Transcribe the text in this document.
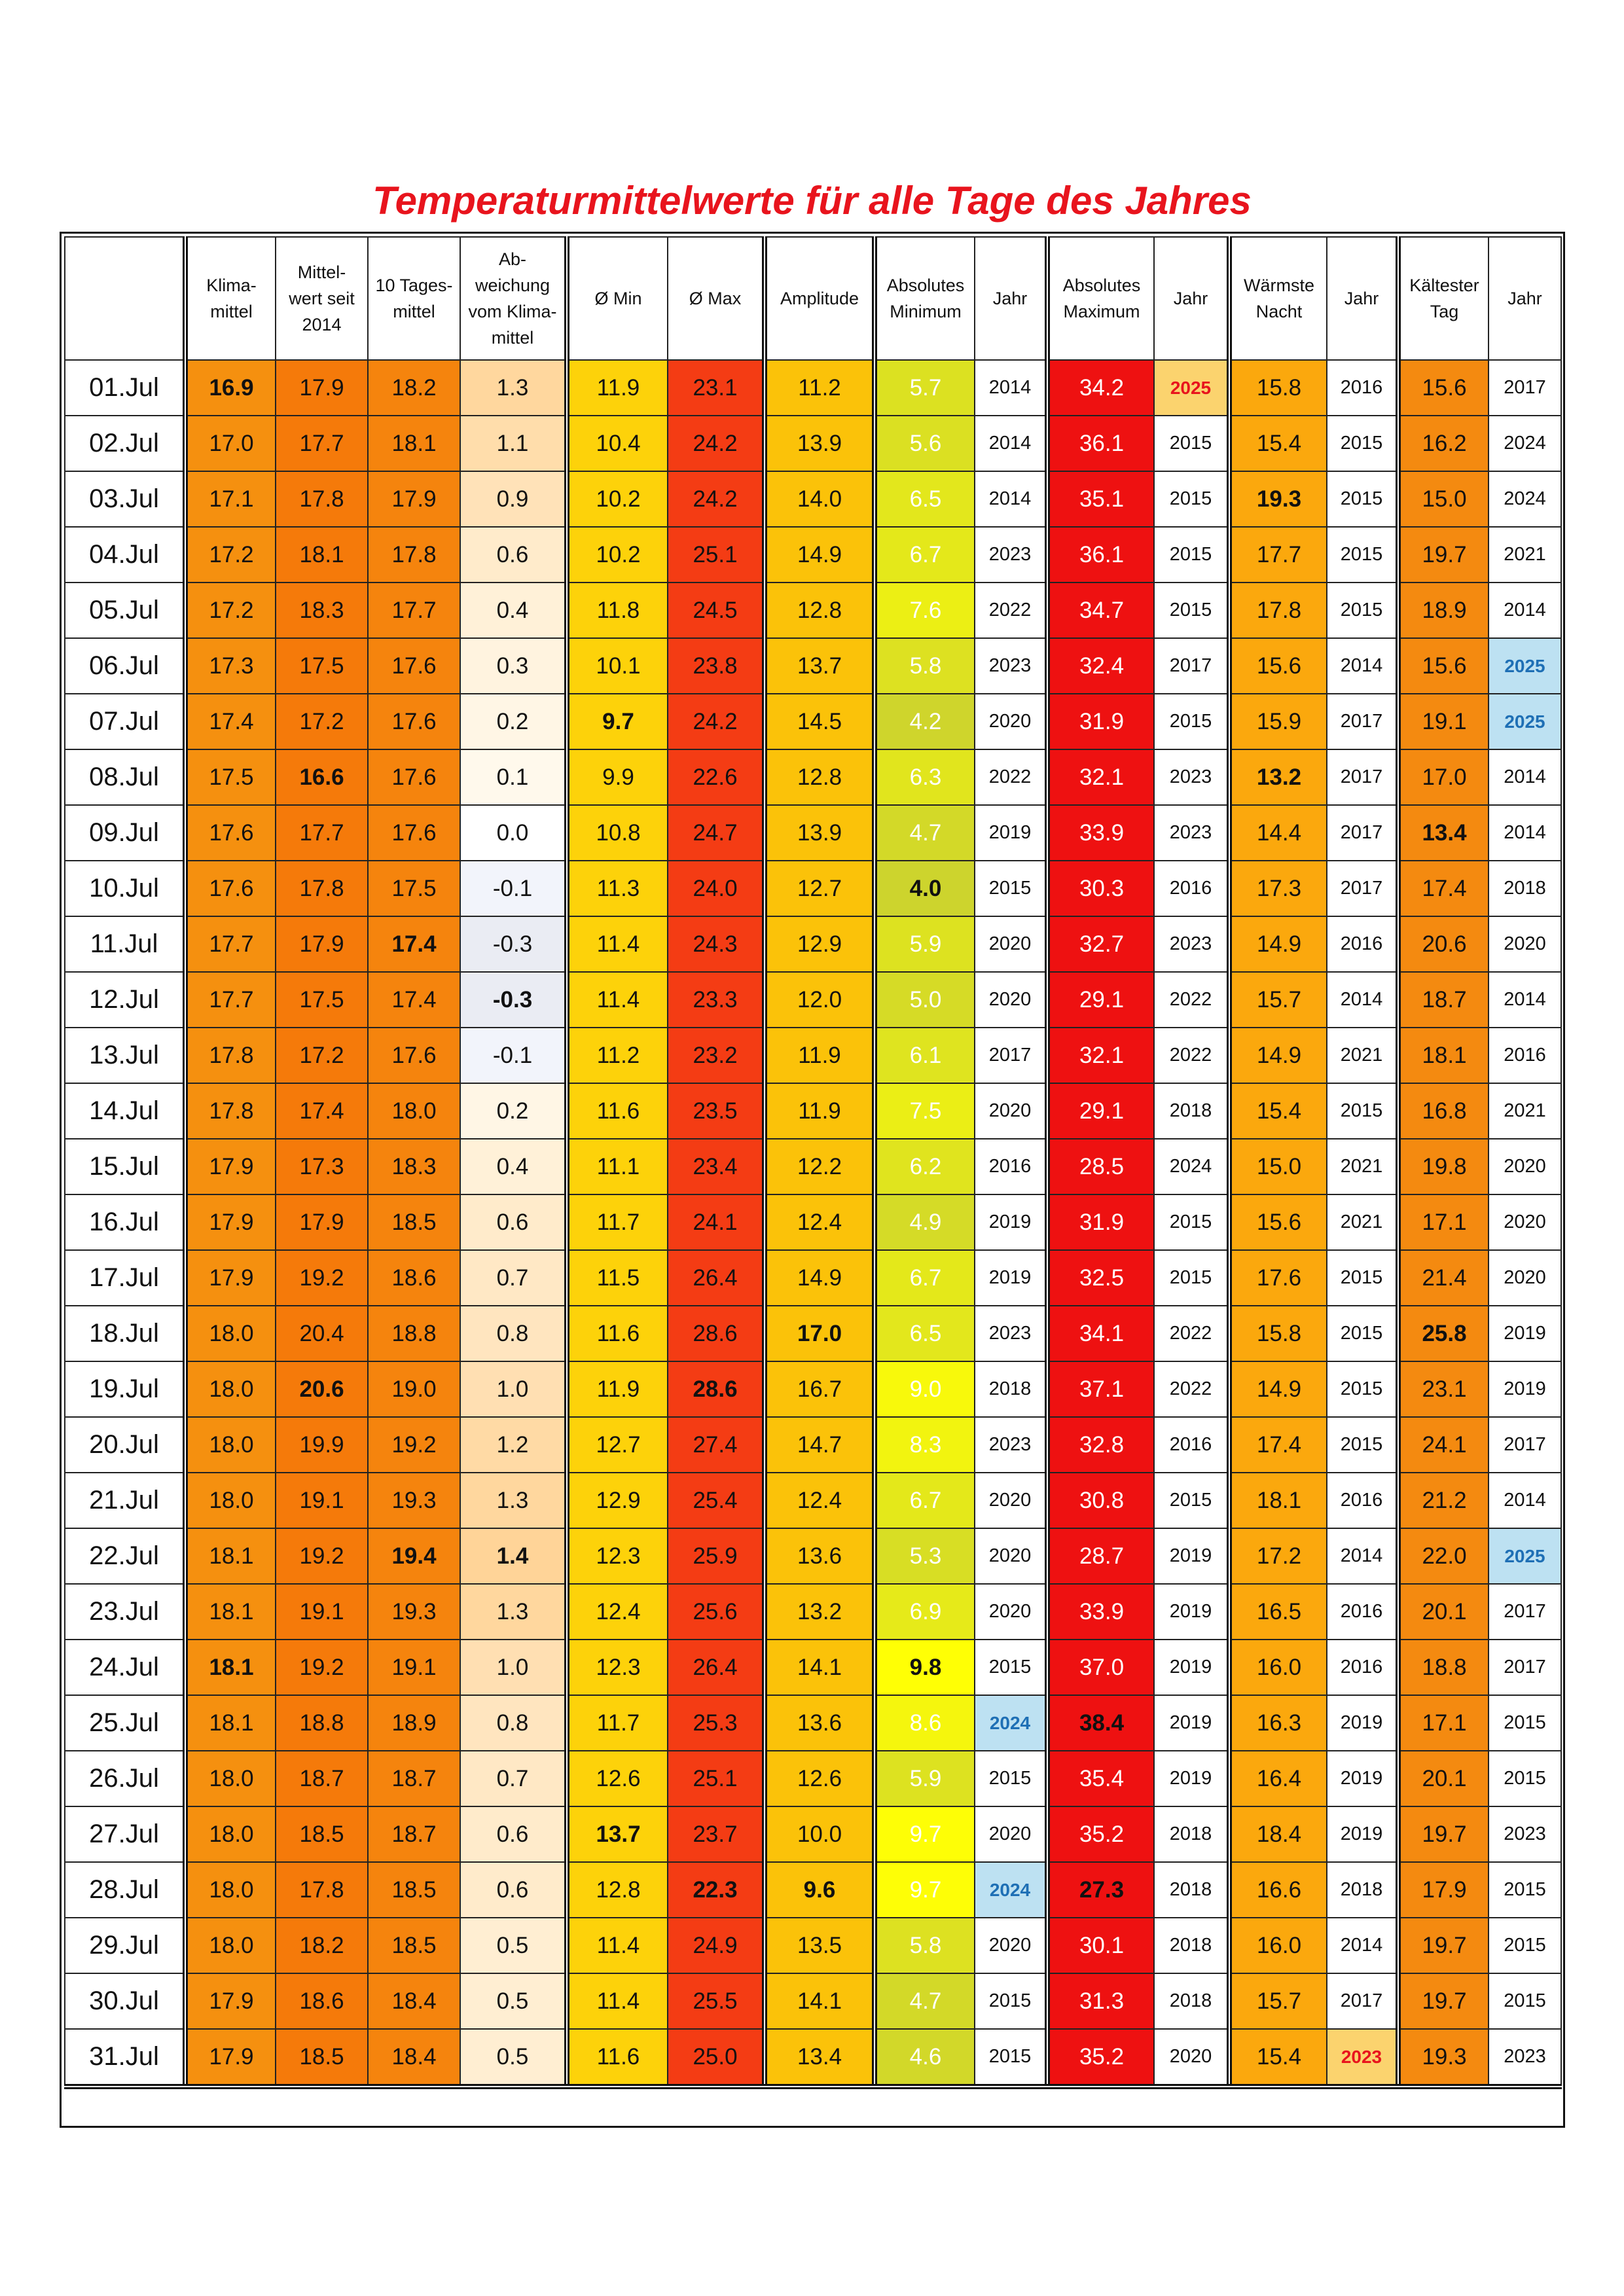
Temperaturmittelwerte für alle Tage des Jahres
	Klima-
mittel	Mittel-
wert seit
2014	10 Tages-
mittel	Ab-
weichung
vom Klima-
mittel	Ø Min	Ø Max	Amplitude	Absolutes
Minimum	Jahr	Absolutes
Maximum	Jahr	Wärmste
Nacht	Jahr	Kältester
Tag	Jahr
01.Jul	16.9	17.9	18.2	1.3	11.9	23.1	11.2	5.7	2014	34.2	2025	15.8	2016	15.6	2017
02.Jul	17.0	17.7	18.1	1.1	10.4	24.2	13.9	5.6	2014	36.1	2015	15.4	2015	16.2	2024
03.Jul	17.1	17.8	17.9	0.9	10.2	24.2	14.0	6.5	2014	35.1	2015	19.3	2015	15.0	2024
04.Jul	17.2	18.1	17.8	0.6	10.2	25.1	14.9	6.7	2023	36.1	2015	17.7	2015	19.7	2021
05.Jul	17.2	18.3	17.7	0.4	11.8	24.5	12.8	7.6	2022	34.7	2015	17.8	2015	18.9	2014
06.Jul	17.3	17.5	17.6	0.3	10.1	23.8	13.7	5.8	2023	32.4	2017	15.6	2014	15.6	2025
07.Jul	17.4	17.2	17.6	0.2	9.7	24.2	14.5	4.2	2020	31.9	2015	15.9	2017	19.1	2025
08.Jul	17.5	16.6	17.6	0.1	9.9	22.6	12.8	6.3	2022	32.1	2023	13.2	2017	17.0	2014
09.Jul	17.6	17.7	17.6	0.0	10.8	24.7	13.9	4.7	2019	33.9	2023	14.4	2017	13.4	2014
10.Jul	17.6	17.8	17.5	-0.1	11.3	24.0	12.7	4.0	2015	30.3	2016	17.3	2017	17.4	2018
11.Jul	17.7	17.9	17.4	-0.3	11.4	24.3	12.9	5.9	2020	32.7	2023	14.9	2016	20.6	2020
12.Jul	17.7	17.5	17.4	-0.3	11.4	23.3	12.0	5.0	2020	29.1	2022	15.7	2014	18.7	2014
13.Jul	17.8	17.2	17.6	-0.1	11.2	23.2	11.9	6.1	2017	32.1	2022	14.9	2021	18.1	2016
14.Jul	17.8	17.4	18.0	0.2	11.6	23.5	11.9	7.5	2020	29.1	2018	15.4	2015	16.8	2021
15.Jul	17.9	17.3	18.3	0.4	11.1	23.4	12.2	6.2	2016	28.5	2024	15.0	2021	19.8	2020
16.Jul	17.9	17.9	18.5	0.6	11.7	24.1	12.4	4.9	2019	31.9	2015	15.6	2021	17.1	2020
17.Jul	17.9	19.2	18.6	0.7	11.5	26.4	14.9	6.7	2019	32.5	2015	17.6	2015	21.4	2020
18.Jul	18.0	20.4	18.8	0.8	11.6	28.6	17.0	6.5	2023	34.1	2022	15.8	2015	25.8	2019
19.Jul	18.0	20.6	19.0	1.0	11.9	28.6	16.7	9.0	2018	37.1	2022	14.9	2015	23.1	2019
20.Jul	18.0	19.9	19.2	1.2	12.7	27.4	14.7	8.3	2023	32.8	2016	17.4	2015	24.1	2017
21.Jul	18.0	19.1	19.3	1.3	12.9	25.4	12.4	6.7	2020	30.8	2015	18.1	2016	21.2	2014
22.Jul	18.1	19.2	19.4	1.4	12.3	25.9	13.6	5.3	2020	28.7	2019	17.2	2014	22.0	2025
23.Jul	18.1	19.1	19.3	1.3	12.4	25.6	13.2	6.9	2020	33.9	2019	16.5	2016	20.1	2017
24.Jul	18.1	19.2	19.1	1.0	12.3	26.4	14.1	9.8	2015	37.0	2019	16.0	2016	18.8	2017
25.Jul	18.1	18.8	18.9	0.8	11.7	25.3	13.6	8.6	2024	38.4	2019	16.3	2019	17.1	2015
26.Jul	18.0	18.7	18.7	0.7	12.6	25.1	12.6	5.9	2015	35.4	2019	16.4	2019	20.1	2015
27.Jul	18.0	18.5	18.7	0.6	13.7	23.7	10.0	9.7	2020	35.2	2018	18.4	2019	19.7	2023
28.Jul	18.0	17.8	18.5	0.6	12.8	22.3	9.6	9.7	2024	27.3	2018	16.6	2018	17.9	2015
29.Jul	18.0	18.2	18.5	0.5	11.4	24.9	13.5	5.8	2020	30.1	2018	16.0	2014	19.7	2015
30.Jul	17.9	18.6	18.4	0.5	11.4	25.5	14.1	4.7	2015	31.3	2018	15.7	2017	19.7	2015
31.Jul	17.9	18.5	18.4	0.5	11.6	25.0	13.4	4.6	2015	35.2	2020	15.4	2023	19.3	2023
